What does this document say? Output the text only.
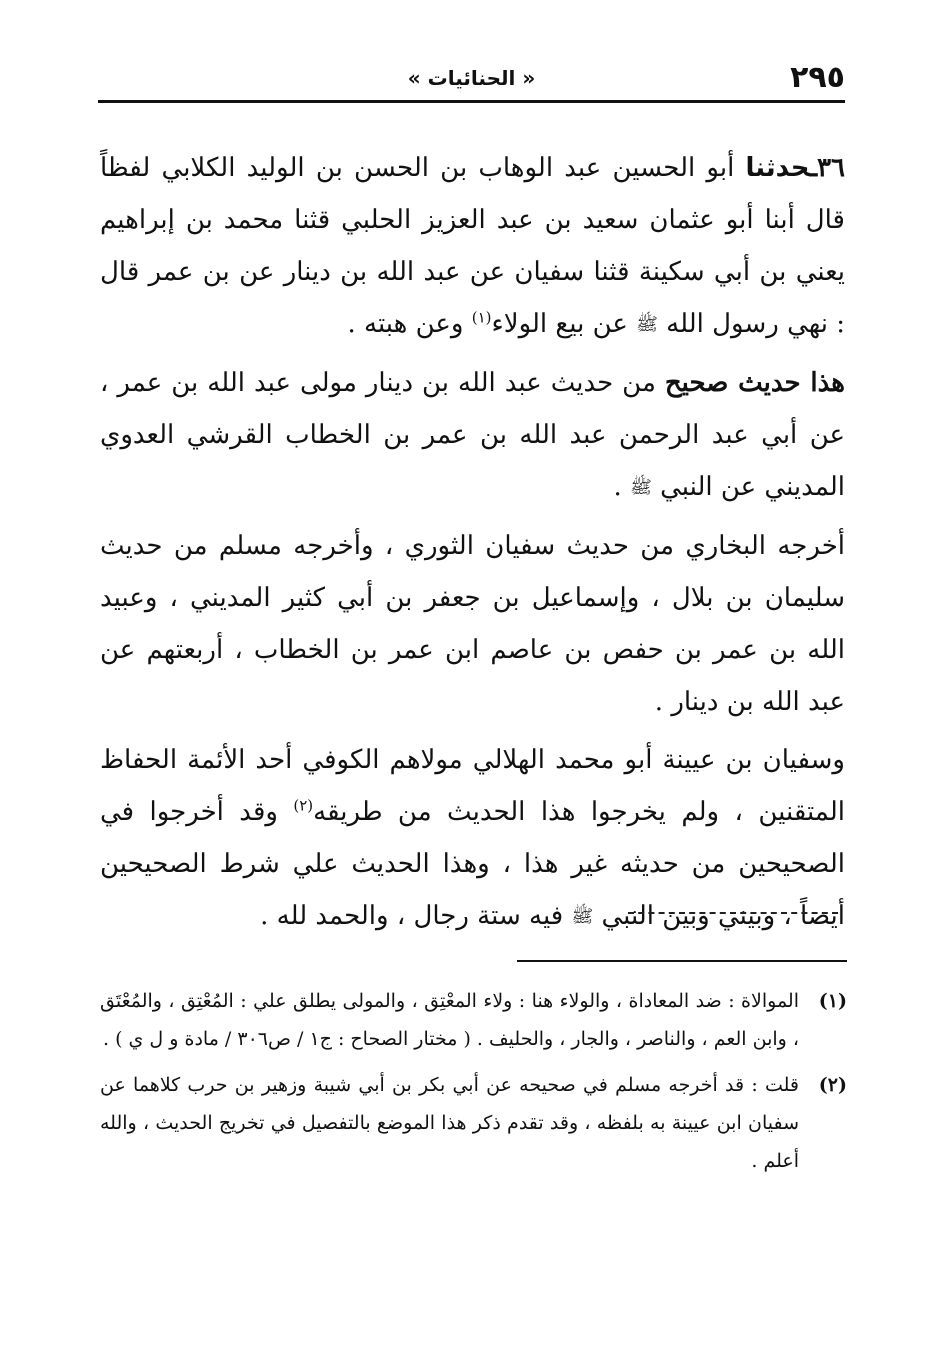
٢٩٥
« الحنائيات »

٣٦ـحدثنا أبو الحسين عبد الوهاب بن الحسن بن الوليد الكلابي لفظاً قال أبنا أبو عثمان سعيد بن عبد العزيز الحلبي قثنا محمد بن إبراهيم يعني بن أبي سكينة قثنا سفيان عن عبد الله بن دينار عن بن عمر قال : نهي رسول الله ﷺ عن بيع الولاء$^{(١)}$ وعن هبته .

هذا حديث صحيح من حديث عبد الله بن دينار مولى عبد الله بن عمر ، عن أبي عبد الرحمن عبد الله بن عمر بن الخطاب القرشي العدوي المديني عن النبي ﷺ .

أخرجه البخاري من حديث سفيان الثوري ، وأخرجه مسلم من حديث سليمان بن بلال ، وإسماعيل بن جعفر بن أبي كثير المديني ، وعبيد الله بن عمر بن حفص بن عاصم ابن عمر بن الخطاب ، أربعتهم عن عبد الله بن دينار .

وسفيان بن عيينة أبو محمد الهلالي مولاهم الكوفي أحد الأئمة الحفاظ المتقنين ، ولم يخرجوا هذا الحديث من طريقه$^{(٢)}$ وقد أخرجوا في الصحيحين من حديثه غير هذا ، وهذا الحديث علي شرط الصحيحين أيضاً ، وبيني وبين النبي ﷺ فيه ستة رجال ، والحمد لله .

(١)
الموالاة : ضد المعاداة ، والولاء هنا : ولاء المعْتِق ، والمولى يطلق علي : المُعْتِق ، والمُعْتَق ، وابن العم ، والناصر ، والجار ، والحليف . ( مختار الصحاح : ج١ / ص٣٠٦ / مادة و ل ي ) .
(٢)
قلت : قد أخرجه مسلم في صحيحه عن أبي بكر بن أبي شيبة وزهير بن حرب كلاهما عن سفيان ابن عيينة به بلفظه ، وقد تقدم ذكر هذا الموضع بالتفصيل في تخريج الحديث ، والله أعلم .
